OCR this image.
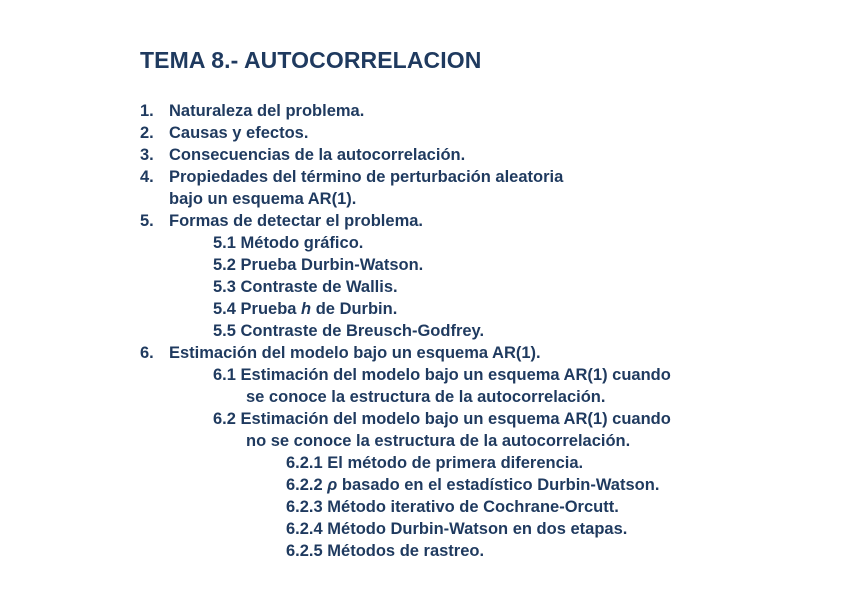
TEMA 8.- AUTOCORRELACION
1. Naturaleza del problema.
2. Causas y efectos.
3. Consecuencias de la autocorrelación.
4. Propiedades del término de perturbación aleatoria
bajo un esquema AR(1).
5. Formas de detectar el problema.
5.1 Método gráfico.
5.2 Prueba Durbin-Watson.
5.3 Contraste de Wallis.
5.4 Prueba h de Durbin.
5.5 Contraste de Breusch-Godfrey.
6. Estimación del modelo bajo un esquema AR(1).
6.1 Estimación del modelo bajo un esquema AR(1) cuando
se conoce la estructura de la autocorrelación.
6.2 Estimación del modelo bajo un esquema AR(1) cuando
no se conoce la estructura de la autocorrelación.
6.2.1 El método de primera diferencia.
6.2.2 ρ basado en el estadístico Durbin-Watson.
6.2.3 Método iterativo de Cochrane-Orcutt.
6.2.4 Método Durbin-Watson en dos etapas.
6.2.5 Métodos de rastreo.
